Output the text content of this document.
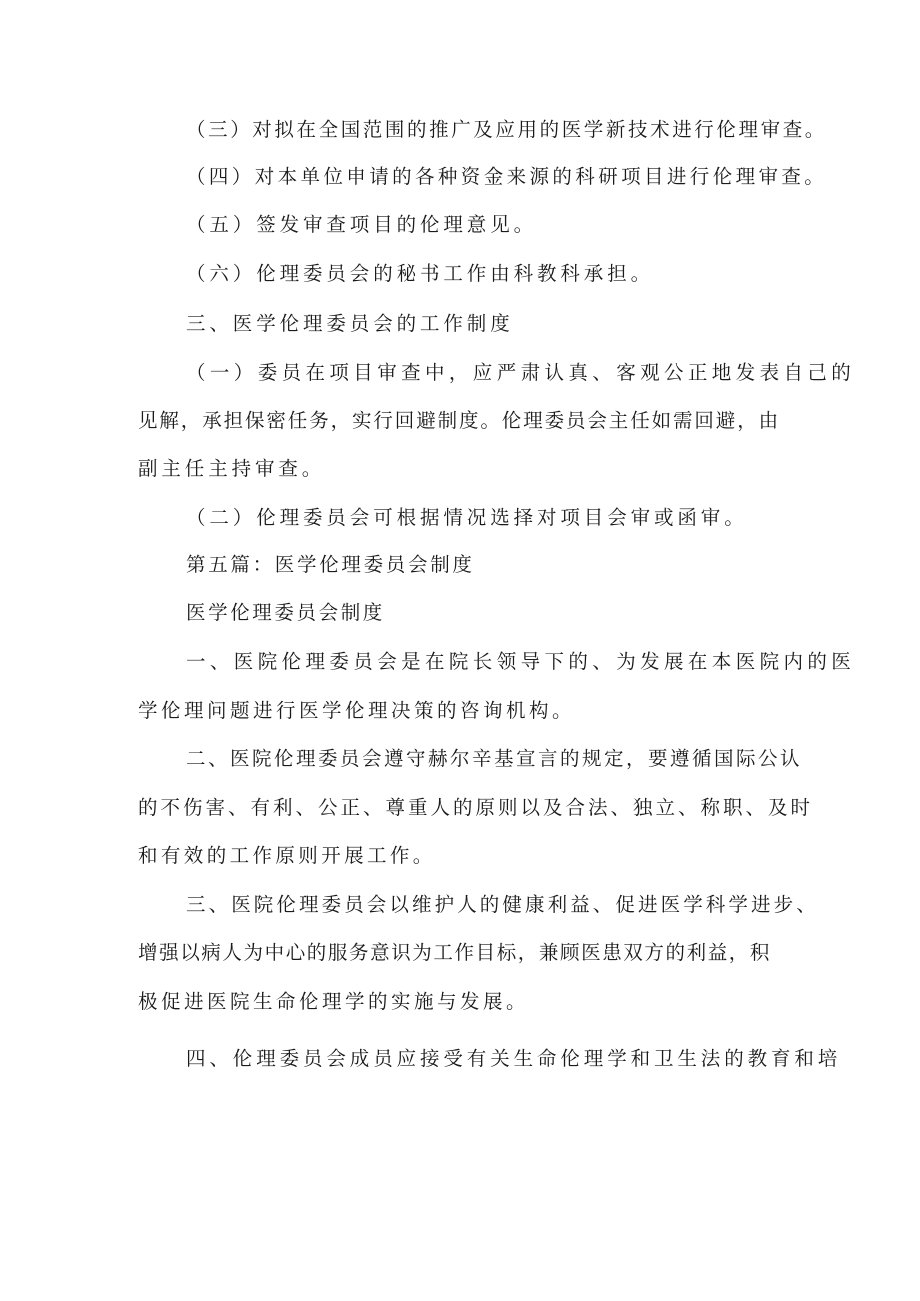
（三）对拟在全国范围的推广及应用的医学新技术进行伦理审查。
（四）对本单位申请的各种资金来源的科研项目进行伦理审查。
（五）签发审查项目的伦理意见。
（六）伦理委员会的秘书工作由科教科承担。
三、医学伦理委员会的工作制度
（一）委员在项目审查中，应严肃认真、客观公正地发表自己的
见解，承担保密任务，实行回避制度。伦理委员会主任如需回避，由
副主任主持审查。
（二）伦理委员会可根据情况选择对项目会审或函审。
第五篇：医学伦理委员会制度
医学伦理委员会制度
一、医院伦理委员会是在院长领导下的、为发展在本医院内的医
学伦理问题进行医学伦理决策的咨询机构。
二、医院伦理委员会遵守赫尔辛基宣言的规定，要遵循国际公认
的不伤害、有利、公正、尊重人的原则以及合法、独立、称职、及时
和有效的工作原则开展工作。
三、医院伦理委员会以维护人的健康利益、促进医学科学进步、
增强以病人为中心的服务意识为工作目标，兼顾医患双方的利益，积
极促进医院生命伦理学的实施与发展。
四、伦理委员会成员应接受有关生命伦理学和卫生法的教育和培
